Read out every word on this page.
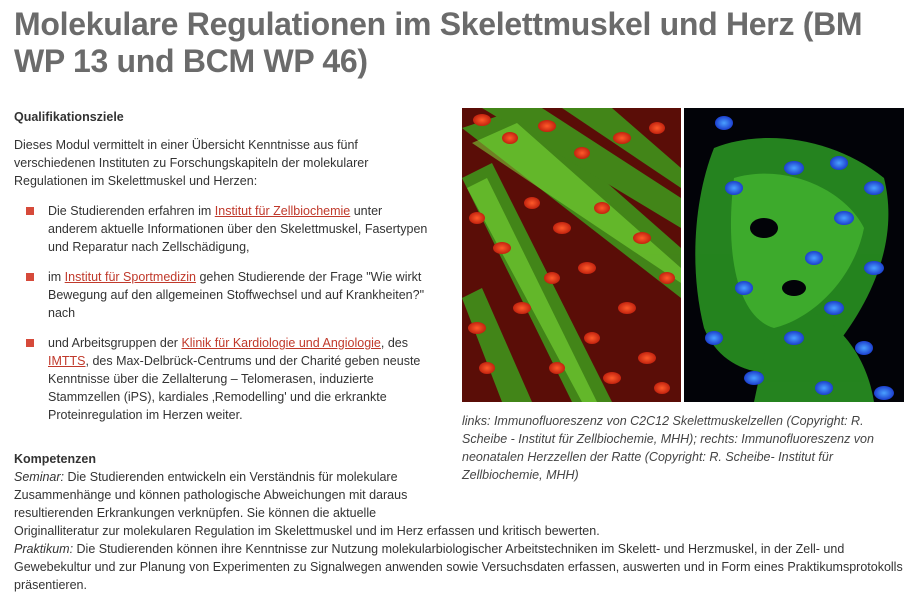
Molekulare Regulationen im Skelettmuskel und Herz (BM WP 13 und BCM WP 46)
Qualifikationsziele
Dieses Modul vermittelt in einer Übersicht Kenntnisse aus fünf verschiedenen Instituten zu Forschungskapiteln der molekularer Regulationen im Skelettmuskel und Herzen:
Die Studierenden erfahren im Institut für Zellbiochemie unter anderem aktuelle Informationen über den Skelettmuskel, Fasertypen und Reparatur nach Zellschädigung,
im Institut für Sportmedizin gehen Studierende der Frage "Wie wirkt Bewegung auf den allgemeinen Stoffwechsel und auf Krankheiten?" nach
und Arbeitsgruppen der Klinik für Kardiologie und Angiologie, des IMTTS, des Max-Delbrück-Centrums und der Charité geben neuste Kenntnisse über die Zellalterung – Telomerasen, induzierte Stammzellen (iPS), kardiales ‚Remodelling' und die erkrankte Proteinregulation im Herzen weiter.	links: Immunofluoreszenz von C2C12 Skelettmuskelzellen (Copyright: R. Scheibe - Institut für Zellbiochemie, MHH); rechts: Immunofluoreszenz von neonatalen Herzzellen der Ratte (Copyright: R. Scheibe- Institut für Zellbiochemie, MHH)
Kompetenzen

Seminar: Die Studierenden entwickeln ein Verständnis für molekulare Zusammenhänge und können pathologische Abweichungen mit daraus resultierenden Erkrankungen verknüpfen. Sie können die aktuelle

Originalliteratur zur molekularen Regulation im Skelettmuskel und im Herz erfassen und kritisch bewerten.

Praktikum: Die Studierenden können ihre Kenntnisse zur Nutzung molekularbiologischer Arbeitstechniken im Skelett- und Herzmuskel, in der Zell- und Gewebekultur und zur Planung von Experimenten zu Signalwegen anwenden sowie Versuchsdaten erfassen, auswerten und in Form eines Praktikumsprotokolls präsentieren.
